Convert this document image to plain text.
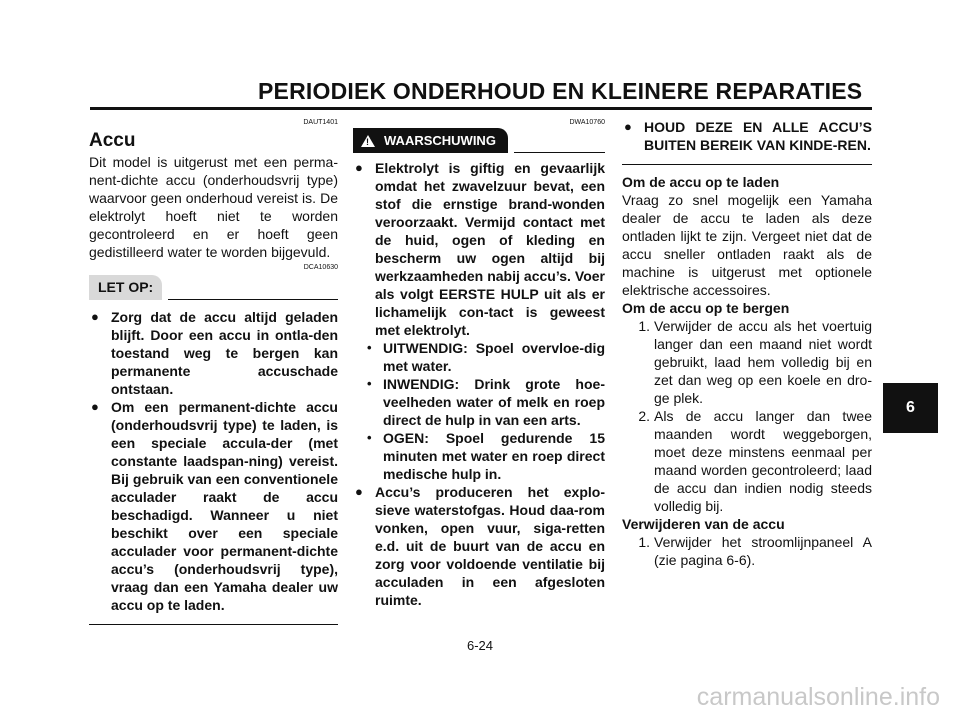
PERIODIEK ONDERHOUD EN KLEINERE REPARATIES
6
DAUT1401
Accu
Dit model is uitgerust met een perma-nent-dichte accu (onderhoudsvrij type) waarvoor geen onderhoud vereist is. De elektrolyt hoeft niet te worden gecontroleerd en er hoeft geen gedistilleerd water te worden bijgevuld.
DCA10630
LET OP:
● Zorg dat de accu altijd geladen blijft. Door een accu in ontla-den toestand weg te bergen kan permanente accuschade ontstaan.
● Om een permanent-dichte accu (onderhoudsvrij type) te laden, is een speciale accula-der (met constante laadspan-ning) vereist. Bij gebruik van een conventionele acculader raakt de accu beschadigd. Wanneer u niet beschikt over een speciale acculader voor permanent-dichte accu’s (onderhoudsvrij type), vraag dan een Yamaha dealer uw accu op te laden.
DWA10760
! WAARSCHUWING
● Elektrolyt is giftig en gevaarlijk omdat het zwavelzuur bevat, een stof die ernstige brand-wonden veroorzaakt. Vermijd contact met de huid, ogen of kleding en bescherm uw ogen altijd bij werkzaamheden nabij accu’s. Voer als volgt EERSTE HULP uit als er lichamelijk con-tact is geweest met elektrolyt.
• UITWENDIG: Spoel overvloe-dig met water.
• INWENDIG: Drink grote hoe-veelheden water of melk en roep direct de hulp in van een arts.
• OGEN: Spoel gedurende 15 minuten met water en roep direct medische hulp in.
● Accu’s produceren het explo-sieve waterstofgas. Houd daa-rom vonken, open vuur, siga-retten e.d. uit de buurt van de accu en zorg voor voldoende ventilatie bij acculaden in een afgesloten ruimte.
● HOUD DEZE EN ALLE ACCU’S BUITEN BEREIK VAN KINDE-REN.
Om de accu op te laden
Vraag zo snel mogelijk een Yamaha dealer de accu te laden als deze ontladen lijkt te zijn. Vergeet niet dat de accu sneller ontladen raakt als de machine is uitgerust met optionele elektrische accessoires.
Om de accu op te bergen
1. Verwijder de accu als het voertuig langer dan een maand niet wordt gebruikt, laad hem volledig bij en zet dan weg op een koele en dro-ge plek.
2. Als de accu langer dan twee maanden wordt weggeborgen, moet deze minstens eenmaal per maand worden gecontroleerd; laad de accu dan indien nodig steeds volledig bij.
Verwijderen van de accu
1. Verwijder het stroomlijnpaneel A (zie pagina 6-6).
6-24
carmanualsonline.info
